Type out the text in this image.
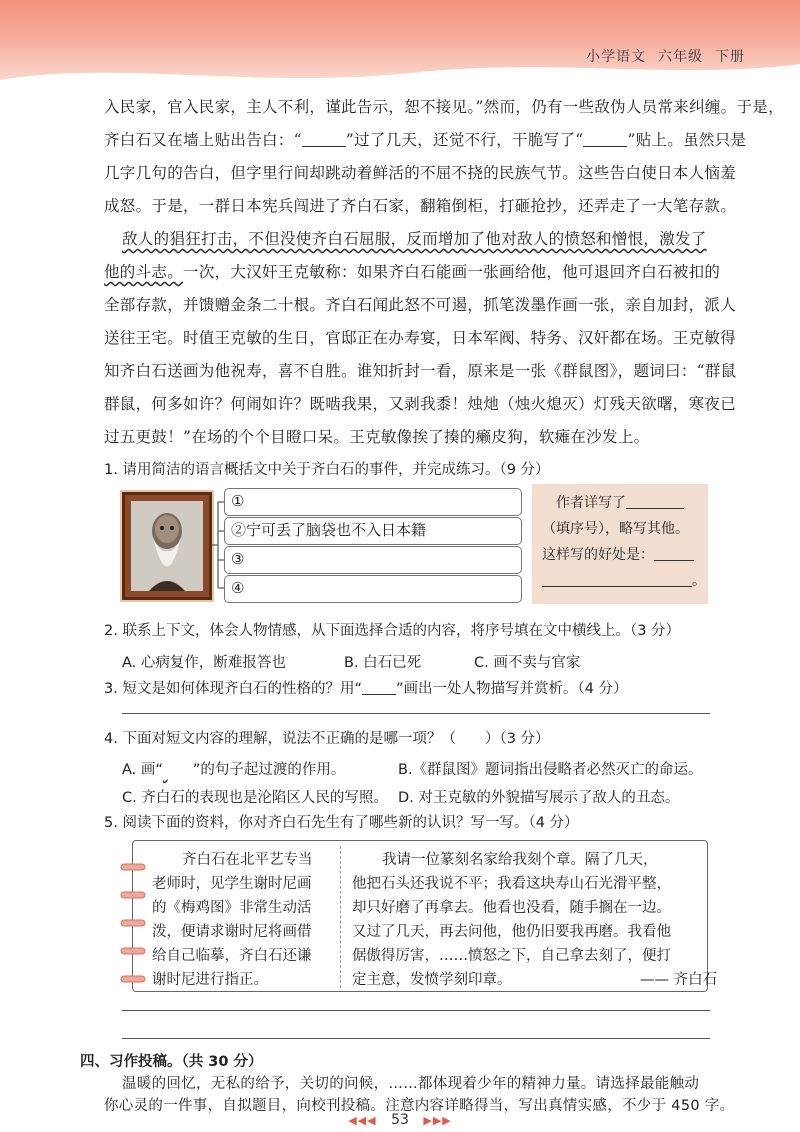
小学语文 六年级 下册
入民家，官入民家，主人不利，谨此告示，恕不接见。”然而，仍有一些敌伪人员常来纠缠。于是，
齐白石又在墙上贴出告白：“	”过了几天，还觉不行，干脆写了“	”贴上。虽然只是
几字几句的告白，但字里行间却跳动着鲜活的不屈不挠的民族气节。这些告白使日本人恼羞
成怒。于是，一群日本宪兵闯进了齐白石家，翻箱倒柜，打砸抢抄，还弄走了一大笔存款。
敌人的猖狂打击，不但没使齐白石屈服，反而增加了他对敌人的愤怒和憎恨，激发了
他的斗志。一次，大汉奸王克敏称：如果齐白石能画一张画给他，他可退回齐白石被扣的
全部存款，并馈赠金条二十根。齐白石闻此怒不可遏，抓笔泼墨作画一张，亲自加封，派人
送往王宅。时值王克敏的生日，官邸正在办寿宴，日本军阀、特务、汉奸都在场。王克敏得
知齐白石送画为他祝寿，喜不自胜。谁知折封一看，原来是一张《群鼠图》，题词曰：“群鼠
群鼠，何多如许？何闹如许？既啮我果，又剥我黍！烛灺（烛火熄灭）灯残天欲曙，寒夜已
过五更鼓！”在场的个个目瞪口呆。王克敏像挨了揍的癞皮狗，软瘫在沙发上。
1. 请用简洁的语言概括文中关于齐白石的事件，并完成练习。（9 分）
①
②宁可丢了脑袋也不入日本籍
③
④
作者详写了
（填序号），略写其他。
这样写的好处是：
。
2. 联系上下文，体会人物情感，从下面选择合适的内容，将序号填在文中横线上。（3 分）
A. 心病复作，断难报答也	B. 白石已死	C. 画不卖与官家
3. 短文是如何体现齐白石的性格的？用“ ”画出一处人物描写并赏析。（4 分）
4. 下面对短文内容的理解，说法不正确的是哪一项？（　　）（3 分）
A. 画“ ”的句子起过渡的作用。	B.《群鼠图》题词指出侵略者必然灭亡的命运。
C. 齐白石的表现也是沦陷区人民的写照。 D. 对王克敏的外貌描写展示了敌人的丑态。
5. 阅读下面的资料，你对齐白石先生有了哪些新的认识？写一写。（4 分）
齐白石在北平艺专当
老师时，见学生谢时尼画
的《梅鸡图》非常生动活
泼，便请求谢时尼将画借
给自己临摹，齐白石还谦
谢时尼进行指正。
我请一位篆刻名家给我刻个章。隔了几天，
他把石头还我说不平；我看这块寿山石光滑平整，
却只好磨了再拿去。他看也没看，随手搁在一边。
又过了几天，再去问他，他仍旧要我再磨。我看他
倨傲得厉害，……愤怒之下，自己拿去刻了，便打
定主意，发愤学刻印章。	—— 齐白石
四、习作投稿。（共 30 分）
温暖的回忆，无私的给予，关切的问候，……都体现着少年的精神力量。请选择最能触动
你心灵的一件事，自拟题目，向校刊投稿。注意内容详略得当，写出真情实感，不少于 450 字。
◀◀◀ 53 ▶▶▶
